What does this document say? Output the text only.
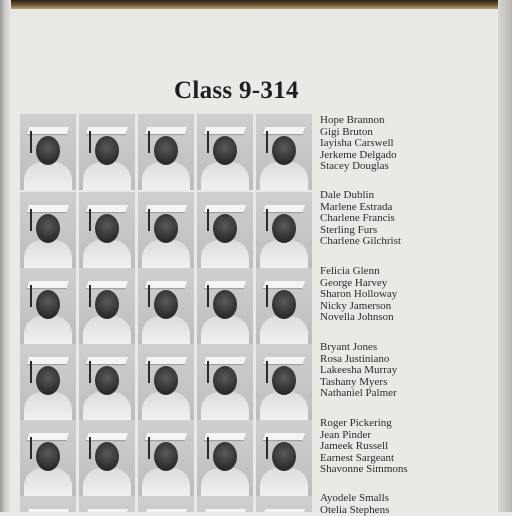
Class 9-314
Hope Brannon
Gigi Bruton
Iayisha Carswell
Jerkeme Delgado
Stacey Douglas
Dale Dublin
Marlene Estrada
Charlene Francis
Sterling Furs
Charlene Gilchrist
Felicia Glenn
George Harvey
Sharon Holloway
Nicky Jamerson
Novella Johnson
Bryant Jones
Rosa Justiniano
Lakeesha Murray
Tashany Myers
Nathaniel Palmer
Roger Pickering
Jean Pinder
Jameek Russell
Earnest Sargeant
Shavonne Simmons
Ayodele Smalls
Otelia Stephens
